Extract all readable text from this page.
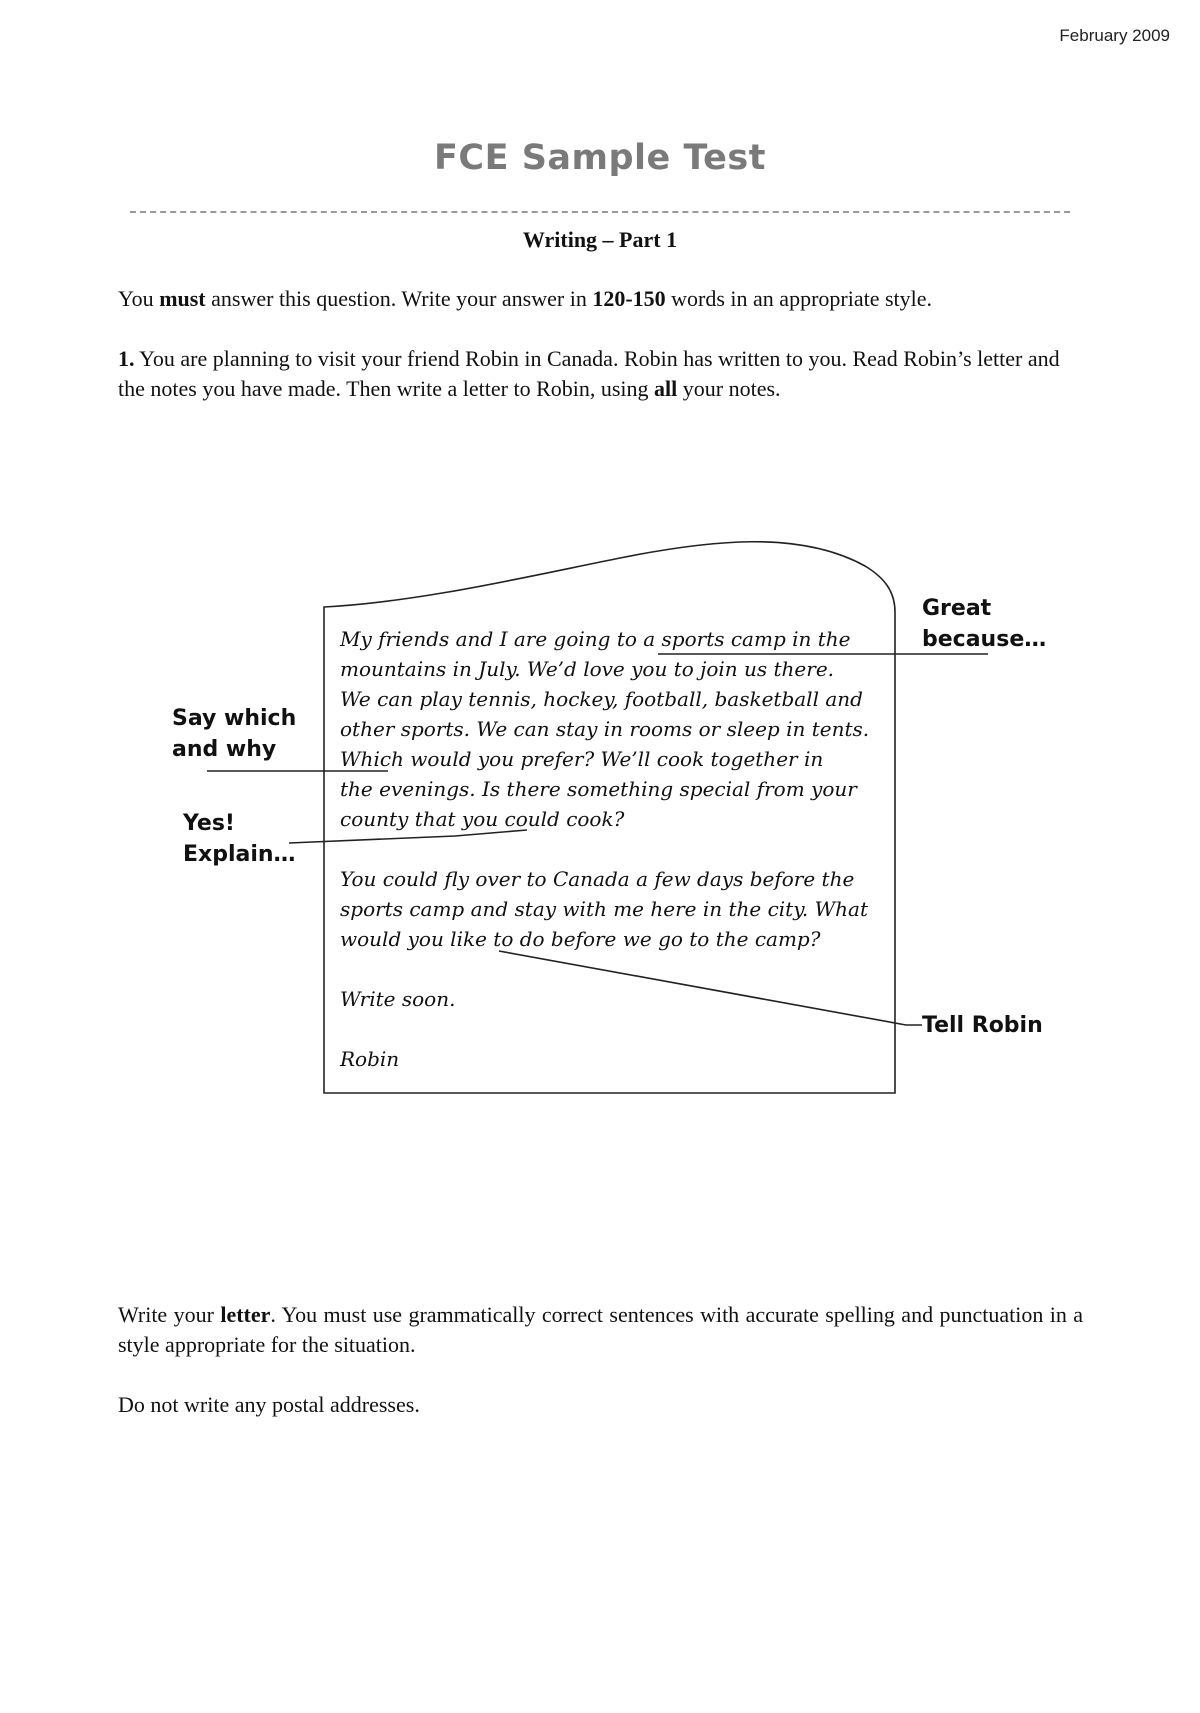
February 2009
FCE Sample Test
Writing – Part 1
You must answer this question. Write your answer in 120-150 words in an appropriate style.
1. You are planning to visit your friend Robin in Canada. Robin has written to you. Read Robin’s letter and the notes you have made. Then write a letter to Robin, using all your notes.
My friends and I are going to a sports camp in the
mountains in July. We’d love you to join us there.
We can play tennis, hockey, football, basketball and
other sports. We can stay in rooms or sleep in tents.
Which would you prefer? We’ll cook together in
the evenings. Is there something special from your
county that you could cook?
You could fly over to Canada a few days before the
sports camp and stay with me here in the city. What
would you like to do before we go to the camp?
Write soon.
Robin
Great
because…
Say which
and why
Yes!
Explain…
Tell Robin
Write your letter. You must use grammatically correct sentences with accurate spelling and punctuation in a style appropriate for the situation.
Do not write any postal addresses.
